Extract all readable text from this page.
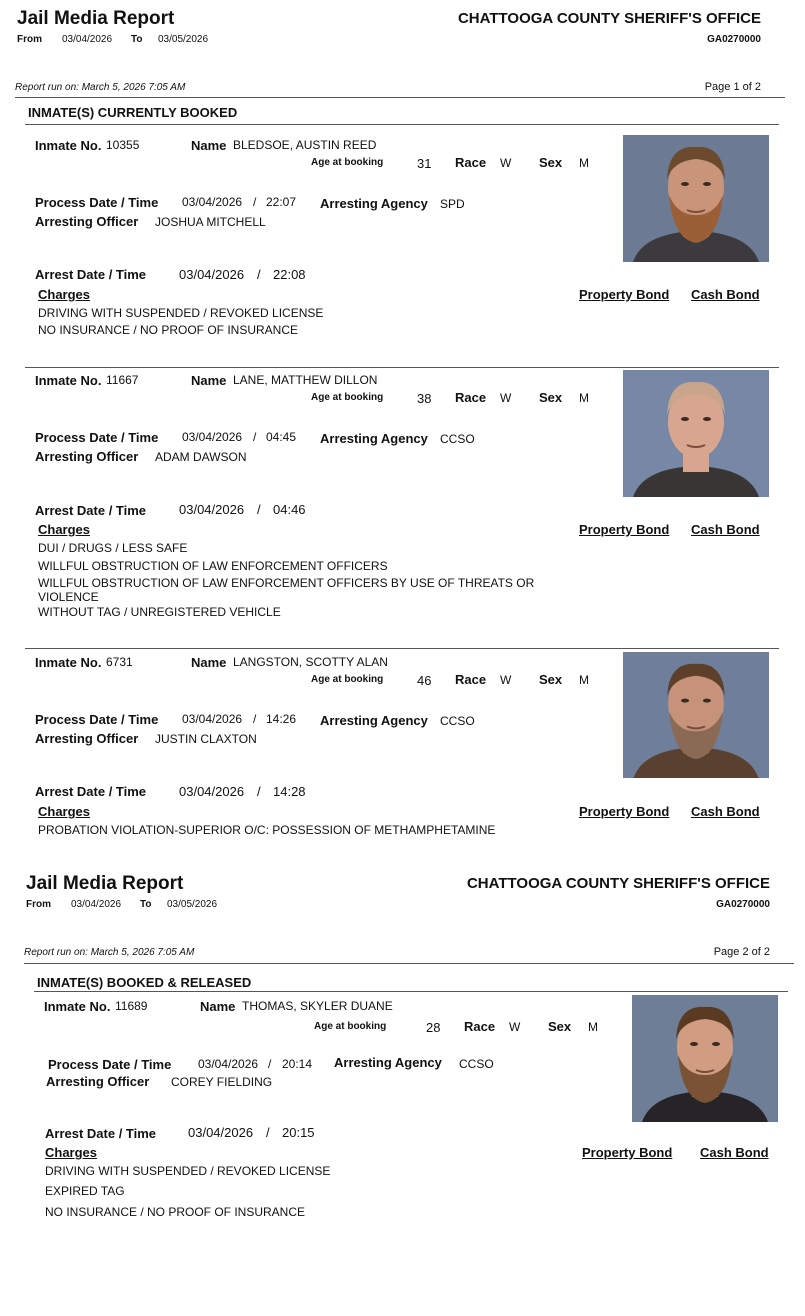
Jail Media Report
From 03/04/2026 To 03/05/2026
CHATTOOGA COUNTY SHERIFF'S OFFICE
GA0270000
Report run on: March 5, 2026 7:05 AM	Page 1 of 2
INMATE(S) CURRENTLY BOOKED
Inmate No. 10355	Name BLEDSOE, AUSTIN REED
Age at booking	31 Race W Sex M
Process Date / Time 03/04/2026 / 22:07 Arresting Agency SPD
Arresting Officer JOSHUA MITCHELL
Arrest Date / Time	03/04/2026 / 22:08
Charges	Property Bond Cash Bond
DRIVING WITH SUSPENDED / REVOKED LICENSE
NO INSURANCE / NO PROOF OF INSURANCE
Inmate No. 11667	Name LANE, MATTHEW DILLON
Age at booking	38 Race W Sex M
Process Date / Time 03/04/2026 / 04:45 Arresting Agency CCSO
Arresting Officer ADAM DAWSON
Arrest Date / Time	03/04/2026 / 04:46
Charges	Property Bond Cash Bond
DUI / DRUGS / LESS SAFE
WILLFUL OBSTRUCTION OF LAW ENFORCEMENT OFFICERS
WILLFUL OBSTRUCTION OF LAW ENFORCEMENT OFFICERS BY USE OF THREATS OR VIOLENCE
WITHOUT TAG / UNREGISTERED VEHICLE
Inmate No. 6731	Name LANGSTON, SCOTTY ALAN
Age at booking	46 Race W Sex M
Process Date / Time 03/04/2026 / 14:26 Arresting Agency CCSO
Arresting Officer JUSTIN CLAXTON
Arrest Date / Time	03/04/2026 / 14:28
Charges	Property Bond Cash Bond
PROBATION VIOLATION-SUPERIOR O/C: POSSESSION OF METHAMPHETAMINE
Jail Media Report
From 03/04/2026 To 03/05/2026
CHATTOOGA COUNTY SHERIFF'S OFFICE
GA0270000
Report run on: March 5, 2026 7:05 AM	Page 2 of 2
INMATE(S) BOOKED & RELEASED
Inmate No. 11689	Name THOMAS, SKYLER DUANE
Age at booking	28 Race W Sex M
Process Date / Time 03/04/2026 / 20:14 Arresting Agency CCSO
Arresting Officer COREY FIELDING
Arrest Date / Time 03/04/2026 / 20:15
Charges	Property Bond Cash Bond
DRIVING WITH SUSPENDED / REVOKED LICENSE
EXPIRED TAG
NO INSURANCE / NO PROOF OF INSURANCE
